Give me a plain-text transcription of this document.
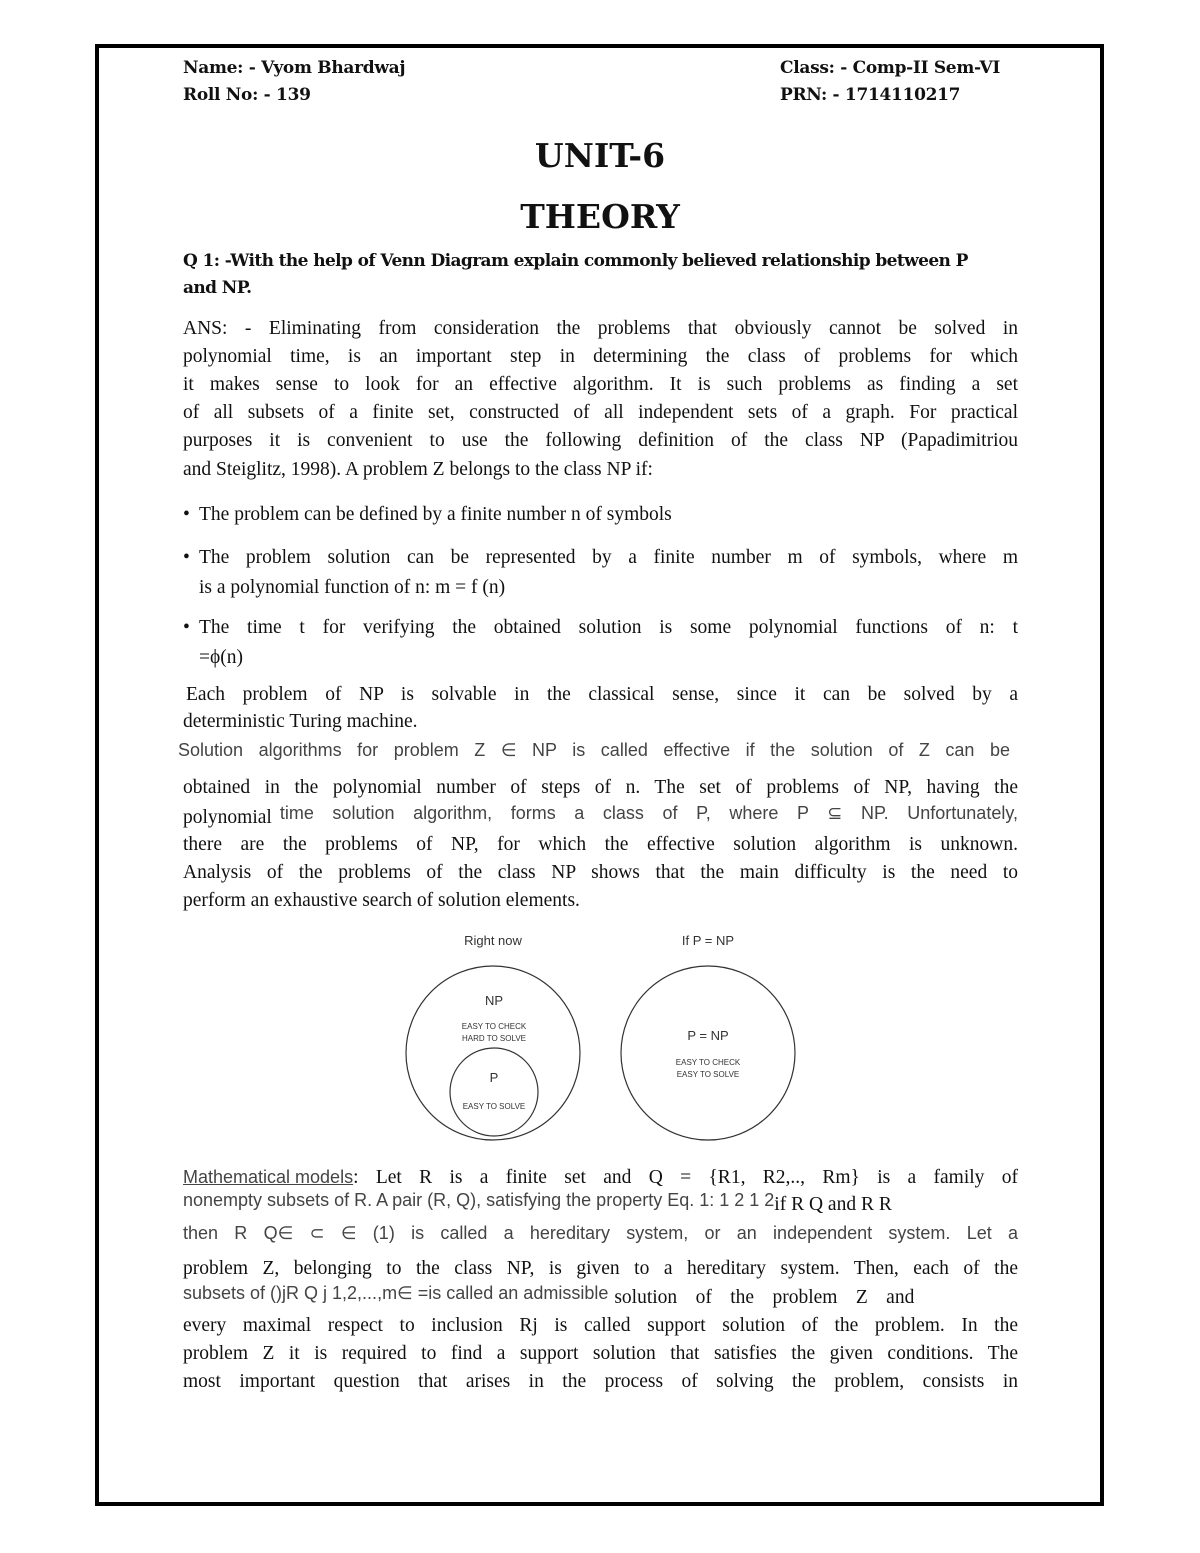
Name: - Vyom Bhardwaj
Roll No: - 139
Class: - Comp-II Sem-VI
PRN: - 1714110217
UNIT-6
THEORY
Q 1: -With the help of Venn Diagram explain commonly believed relationship between P
and NP.
ANS: - Eliminating from consideration the problems that obviously cannot be solved in
polynomial time, is an important step in determining the class of problems for which
it makes sense to look for an effective algorithm. It is such problems as finding a set
of all subsets of a finite set, constructed of all independent sets of a graph. For practical
purposes it is convenient to use the following definition of the class NP (Papadimitriou
and Steiglitz, 1998). A problem Z belongs to the class NP if:
• The problem can be defined by a finite number n of symbols
• The problem solution can be represented by a finite number m of symbols, where m
is a polynomial function of n: m = f (n)
• The time t for verifying the obtained solution is some polynomial functions of n: t
=ϕ(n)
Each problem of NP is solvable in the classical sense, since it can be solved by a
deterministic Turing machine.
Solution algorithms for problem Z ∈ NP is called effective if the solution of Z can be
obtained in the polynomial number of steps of n. The set of problems of NP, having the
polynomial time solution algorithm, forms a class of P, where P ⊆ NP. Unfortunately,
there are the problems of NP, for which the effective solution algorithm is unknown.
Analysis of the problems of the class NP shows that the main difficulty is the need to
perform an exhaustive search of solution elements.
Right now	If P = NP
NP
EASY TO CHECK
HARD TO SOLVE
P
EASY TO SOLVE
P = NP
EASY TO CHECK
EASY TO SOLVE
Mathematical models : Let R is a finite set and Q = {R1, R2,.., Rm} is a family of
nonempty subsets of R. A pair (R, Q), satisfying the property Eq. 1: 1 2 1 2 if R Q and R R
then R Q∈ ⊂ ∈ (1) is called a hereditary system, or an independent system. Let a
problem Z, belonging to the class NP, is given to a hereditary system. Then, each of the
subsets of ()jR Q j 1,2,...,m∈ =is called an admissible solution of the problem Z and
every maximal respect to inclusion Rj is called support solution of the problem. In the
problem Z it is required to find a support solution that satisfies the given conditions. The
most important question that arises in the process of solving the problem, consists in
